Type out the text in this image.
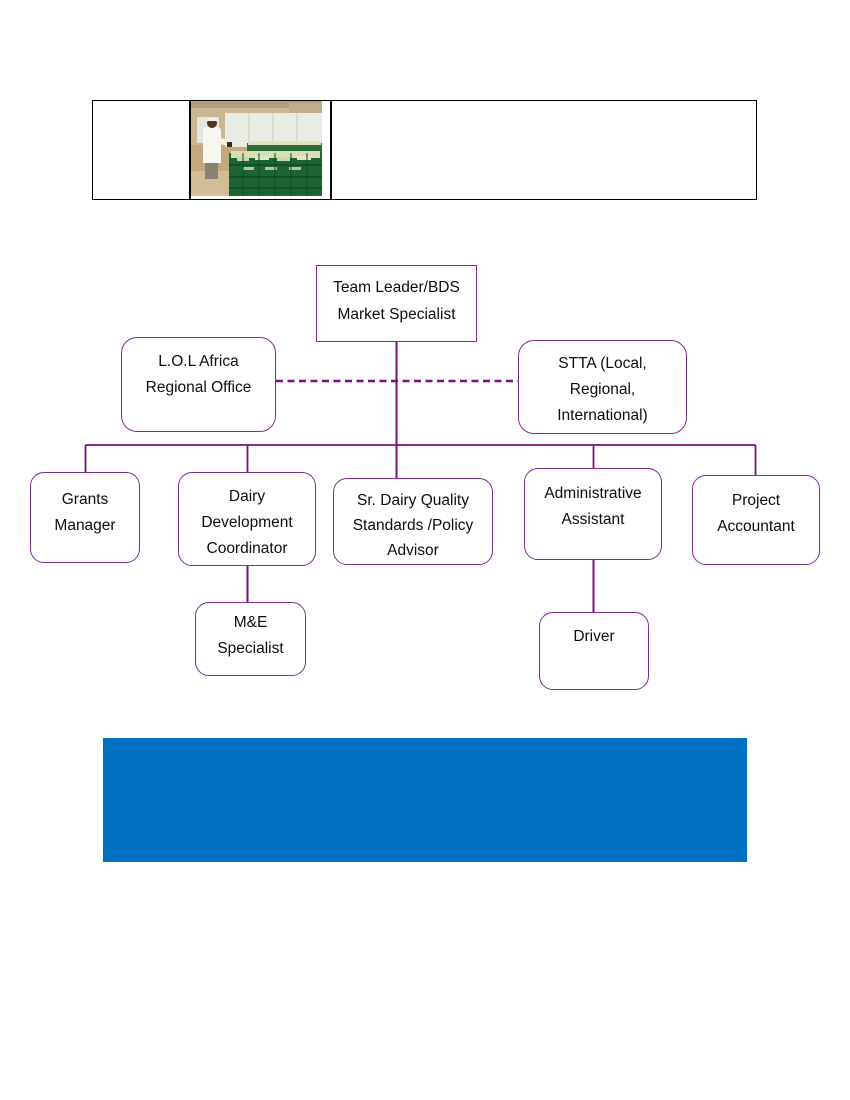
Team Leader/BDS
Market Specialist
L.O.L Africa
Regional Office
STTA (Local,
Regional,
International)
Grants
Manager
Dairy
Development
Coordinator
Sr. Dairy Quality
Standards /Policy
Advisor
Administrative
Assistant
Project
Accountant
M&E
Specialist
Driver
